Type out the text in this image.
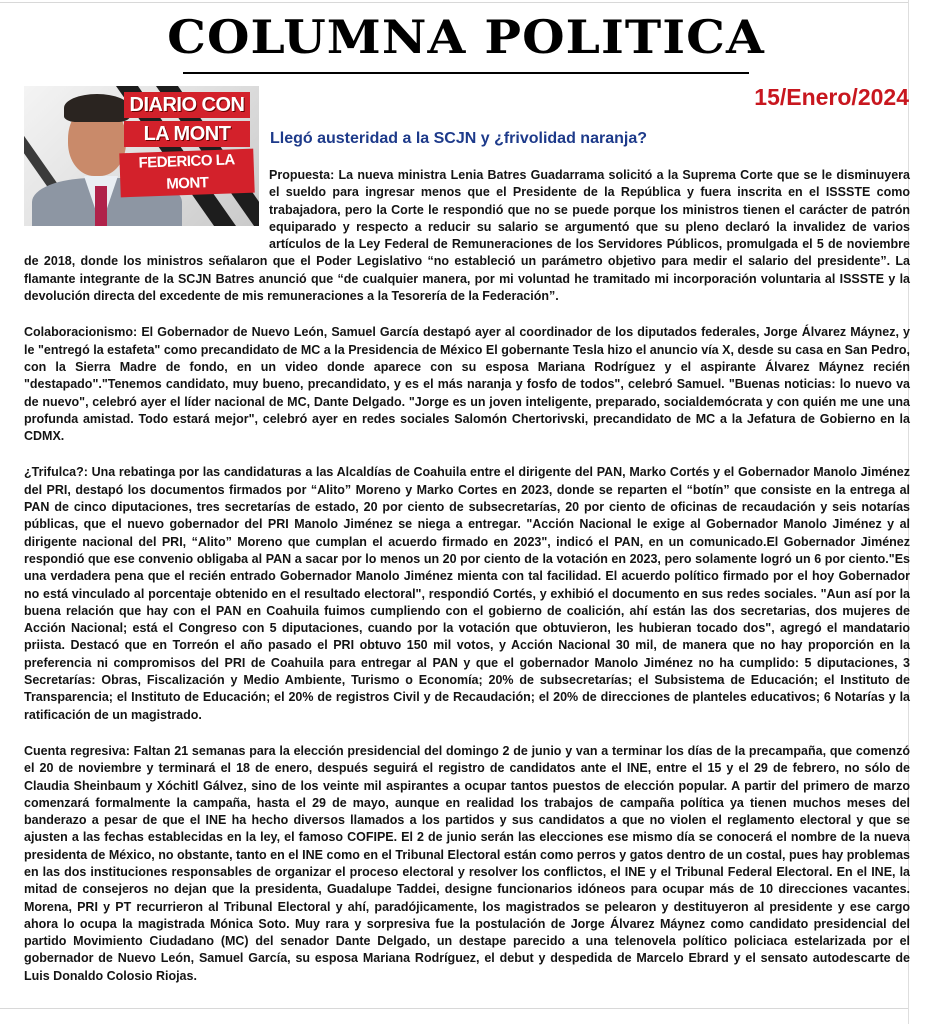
COLUMNA POLITICA
15/Enero/2024
DIARIO CON
LA MONT
FEDERICO LA MONT
Llegó austeridad a la SCJN y ¿frivolidad naranja?

Propuesta: La nueva ministra Lenia Batres Guadarrama solicitó a la Suprema Corte que se le disminuyera el sueldo para ingresar menos que el Presidente de la República y fuera inscrita en el ISSSTE como trabajadora, pero la Corte le respondió que no se puede porque los ministros tienen el carácter de patrón equiparado y respecto a reducir su salario se argumentó que su pleno declaró la invalidez de varios artículos de la Ley Federal de Remuneraciones de los Servidores Públicos, promulgada el 5 de noviembre de 2018, donde los ministros señalaron que el Poder Legislativo “no estableció un parámetro objetivo para medir el salario del presidente”. La flamante integrante de la SCJN Batres anunció que “de cualquier manera, por mi voluntad he tramitado mi incorporación voluntaria al ISSSTE y la devolución directa del excedente de mis remuneraciones a la Tesorería de la Federación”.

Colaboracionismo: El Gobernador de Nuevo León, Samuel García destapó ayer al coordinador de los diputados federales, Jorge Álvarez Máynez, y le "entregó la estafeta" como precandidato de MC a la Presidencia de México El gobernante Tesla hizo el anuncio vía X, desde su casa en San Pedro, con la Sierra Madre de fondo, en un video donde aparece con su esposa Mariana Rodríguez y el aspirante Álvarez Máynez recién "destapado"."Tenemos candidato, muy bueno, precandidato, y es el más naranja y fosfo de todos", celebró Samuel. "Buenas noticias: lo nuevo va de nuevo", celebró ayer el líder nacional de MC, Dante Delgado. "Jorge es un joven inteligente, preparado, socialdemócrata y con quién me une una profunda amistad. Todo estará mejor", celebró ayer en redes sociales Salomón Chertorivski, precandidato de MC a la Jefatura de Gobierno en la CDMX.

¿Trifulca?: Una rebatinga por las candidaturas a las Alcaldías de Coahuila entre el dirigente del PAN, Marko Cortés y el Gobernador Manolo Jiménez del PRI, destapó los documentos firmados por “Alito” Moreno y Marko Cortes en 2023, donde se reparten el “botín” que consiste en la entrega al PAN de cinco diputaciones, tres secretarías de estado, 20 por ciento de subsecretarías, 20 por ciento de oficinas de recaudación y seis notarías públicas, que el nuevo gobernador del PRI Manolo Jiménez se niega a entregar. "Acción Nacional le exige al Gobernador Manolo Jiménez y al dirigente nacional del PRI, “Alito” Moreno que cumplan el acuerdo firmado en 2023", indicó el PAN, en un comunicado.El Gobernador Jiménez respondió que ese convenio obligaba al PAN a sacar por lo menos un 20 por ciento de la votación en 2023, pero solamente logró un 6 por ciento."Es una verdadera pena que el recién entrado Gobernador Manolo Jiménez mienta con tal facilidad. El acuerdo político firmado por el hoy Gobernador no está vinculado al porcentaje obtenido en el resultado electoral", respondió Cortés, y exhibió el documento en sus redes sociales. "Aun así por la buena relación que hay con el PAN en Coahuila fuimos cumpliendo con el gobierno de coalición, ahí están las dos secretarias, dos mujeres de Acción Nacional; está el Congreso con 5 diputaciones, cuando por la votación que obtuvieron, les hubieran tocado dos", agregó el mandatario priista. Destacó que en Torreón el año pasado el PRI obtuvo 150 mil votos, y Acción Nacional 30 mil, de manera que no hay proporción en la preferencia ni compromisos del PRI de Coahuila para entregar al PAN y que el gobernador Manolo Jiménez no ha cumplido: 5 diputaciones, 3 Secretarías: Obras, Fiscalización y Medio Ambiente, Turismo o Economía; 20% de subsecretarías; el Subsistema de Educación; el Instituto de Transparencia; el Instituto de Educación; el 20% de registros Civil y de Recaudación; el 20% de direcciones de planteles educativos; 6 Notarías y la ratificación de un magistrado.

Cuenta regresiva: Faltan 21 semanas para la elección presidencial del domingo 2 de junio y van a terminar los días de la precampaña, que comenzó el 20 de noviembre y terminará el 18 de enero, después seguirá el registro de candidatos ante el INE, entre el 15 y el 29 de febrero, no sólo de Claudia Sheinbaum y Xóchitl Gálvez, sino de los veinte mil aspirantes a ocupar tantos puestos de elección popular. A partir del primero de marzo comenzará formalmente la campaña, hasta el 29 de mayo, aunque en realidad los trabajos de campaña política ya tienen muchos meses del banderazo a pesar de que el INE ha hecho diversos llamados a los partidos y sus candidatos a que no violen el reglamento electoral y que se ajusten a las fechas establecidas en la ley, el famoso COFIPE. El 2 de junio serán las elecciones ese mismo día se conocerá el nombre de la nueva presidenta de México, no obstante, tanto en el INE como en el Tribunal Electoral están como perros y gatos dentro de un costal, pues hay problemas en las dos instituciones responsables de organizar el proceso electoral y resolver los conflictos, el INE y el Tribunal Federal Electoral. En el INE, la mitad de consejeros no dejan que la presidenta, Guadalupe Taddei, designe funcionarios idóneos para ocupar más de 10 direcciones vacantes. Morena, PRI y PT recurrieron al Tribunal Electoral y ahí, paradójicamente, los magistrados se pelearon y destituyeron al presidente y ese cargo ahora lo ocupa la magistrada Mónica Soto. Muy rara y sorpresiva fue la postulación de Jorge Álvarez Máynez como candidato presidencial del partido Movimiento Ciudadano (MC) del senador Dante Delgado, un destape parecido a una telenovela político policiaca estelarizada por el gobernador de Nuevo León, Samuel García, su esposa Mariana Rodríguez, el debut y despedida de Marcelo Ebrard y el sensato autodescarte de Luis Donaldo Colosio Riojas.
